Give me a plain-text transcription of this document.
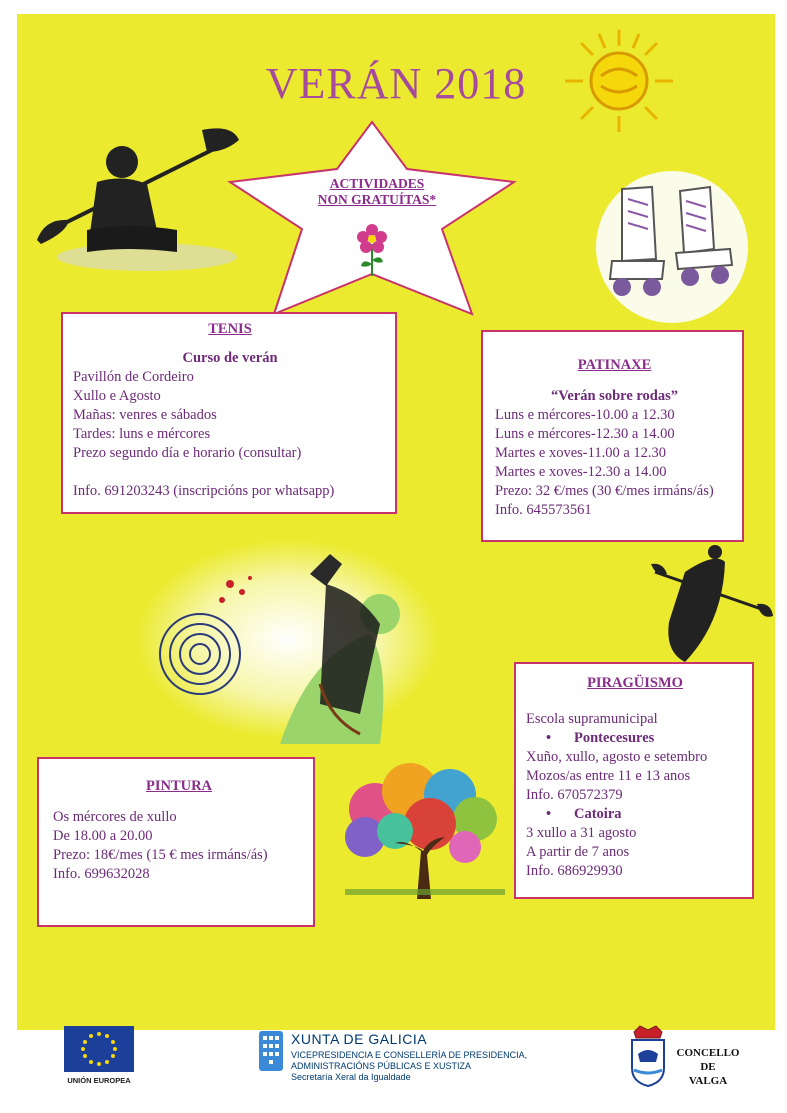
VERÁN 2018
ACTIVIDADES
NON GRATUÍTAS*
TENIS
Curso de verán
Pavillón de Cordeiro
Xullo e Agosto
Mañas: venres e sábados
Tardes: luns e mércores
Prezo segundo día e horario (consultar)
Info. 691203243 (inscripcións por whatsapp)
PATINAXE
“Verán sobre rodas”
Luns e mércores-10.00 a 12.30
Luns e mércores-12.30 a 14.00
Martes e xoves-11.00 a 12.30
Martes e xoves-12.30 a 14.00
Prezo: 32 €/mes (30 €/mes irmáns/ás)
Info. 645573561
PIRAGÜISMO
Escola supramunicipal
• Pontecesures
Xuño, xullo, agosto e setembro
Mozos/as entre 11 e 13 anos
Info. 670572379
• Catoira
3 xullo a 31 agosto
A partir de 7 anos
Info. 686929930
PINTURA
Os mércores de xullo
De 18.00 a 20.00
Prezo: 18€/mes (15 € mes irmáns/ás)
Info. 699632028
UNIÓN EUROPEA
XUNTA DE GALICIA
VICEPRESIDENCIA E CONSELLERÍA DE PRESIDENCIA,
ADMINISTRACIÓNS PÚBLICAS E XUSTIZA
Secretaría Xeral da Igualdade
CONCELLO
DE
VALGA
